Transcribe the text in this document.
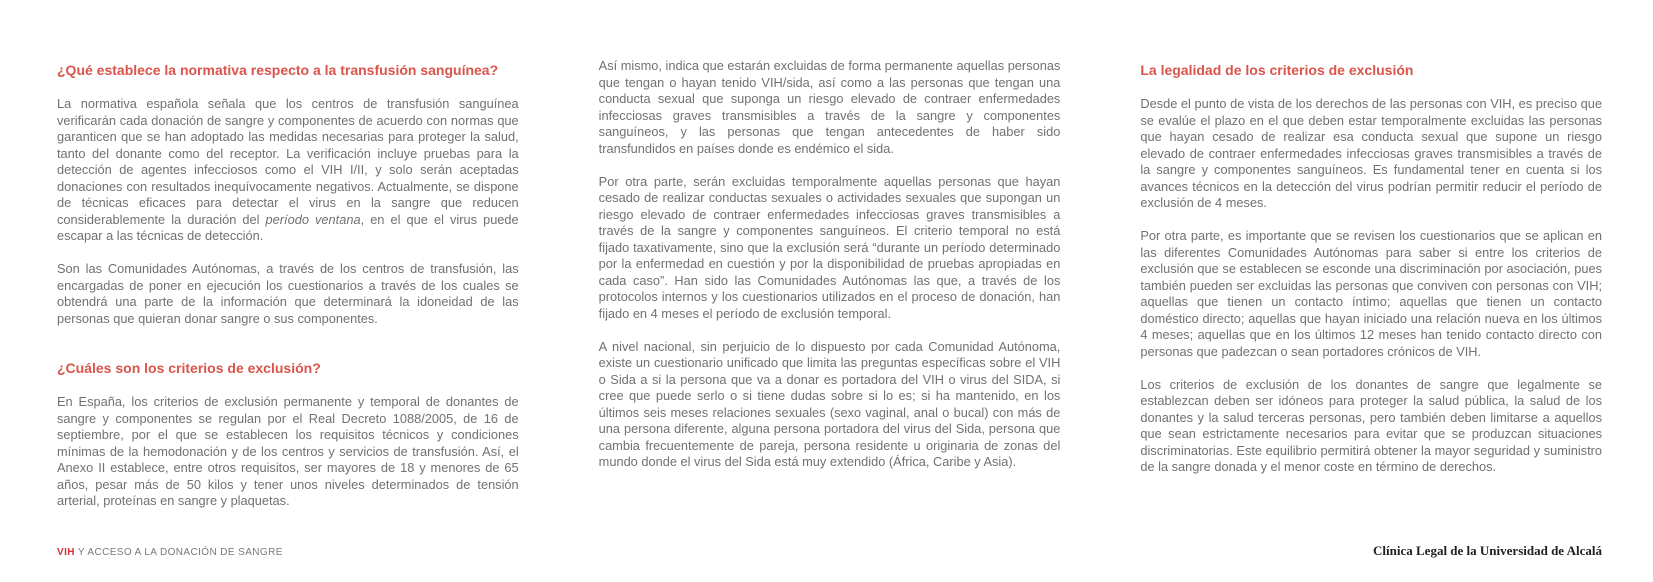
¿Qué establece la normativa respecto a la transfusión sanguínea?

La normativa española señala que los centros de transfusión sanguínea verificarán cada donación de sangre y componentes de acuerdo con normas que garanticen que se han adoptado las medidas necesarias para proteger la salud, tanto del donante como del receptor. La verificación incluye pruebas para la detección de agentes infecciosos como el VIH I/II, y solo serán aceptadas donaciones con resultados inequívocamente negativos. Actualmente, se dispone de técnicas eficaces para detectar el virus en la sangre que reducen considerablemente la duración del período ventana, en el que el virus puede escapar a las técnicas de detección.

Son las Comunidades Autónomas, a través de los centros de transfusión, las encargadas de poner en ejecución los cuestionarios a través de los cuales se obtendrá una parte de la información que determinará la idoneidad de las personas que quieran donar sangre o sus componentes.

¿Cuáles son los criterios de exclusión?

En España, los criterios de exclusión permanente y temporal de donantes de sangre y componentes se regulan por el Real Decreto 1088/2005, de 16 de septiembre, por el que se establecen los requisitos técnicos y condiciones mínimas de la hemodonación y de los centros y servicios de transfusión. Así, el Anexo II establece, entre otros requisitos, ser mayores de 18 y menores de 65 años, pesar más de 50 kilos y tener unos niveles determinados de tensión arterial, proteínas en sangre y plaquetas.

Así mismo, indica que estarán excluidas de forma permanente aquellas personas que tengan o hayan tenido VIH/sida, así como a las personas que tengan una conducta sexual que suponga un riesgo elevado de contraer enfermedades infecciosas graves transmisibles a través de la sangre y componentes sanguíneos, y las personas que tengan antecedentes de haber sido transfundidos en países donde es endémico el sida.

Por otra parte, serán excluidas temporalmente aquellas personas que hayan cesado de realizar conductas sexuales o actividades sexuales que supongan un riesgo elevado de contraer enfermedades infecciosas graves transmisibles a través de la sangre y componentes sanguíneos. El criterio temporal no está fijado taxativamente, sino que la exclusión será “durante un período determinado por la enfermedad en cuestión y por la disponibilidad de pruebas apropiadas en cada caso”. Han sido las Comunidades Autónomas las que, a través de los protocolos internos y los cuestionarios utilizados en el proceso de donación, han fijado en 4 meses el período de exclusión temporal.

A nivel nacional, sin perjuicio de lo dispuesto por cada Comunidad Autónoma, existe un cuestionario unificado que limita las preguntas específicas sobre el VIH o Sida a si la persona que va a donar es portadora del VIH o virus del SIDA, si cree que puede serlo o si tiene dudas sobre si lo es; si ha mantenido, en los últimos seis meses relaciones sexuales (sexo vaginal, anal o bucal) con más de una persona diferente, alguna persona portadora del virus del Sida, persona que cambia frecuentemente de pareja, persona residente u originaria de zonas del mundo donde el virus del Sida está muy extendido (África, Caribe y Asia).

La legalidad de los criterios de exclusión

Desde el punto de vista de los derechos de las personas con VIH, es preciso que se evalúe el plazo en el que deben estar temporalmente excluidas las personas que hayan cesado de realizar esa conducta sexual que supone un riesgo elevado de contraer enfermedades infecciosas graves transmisibles a través de la sangre y componentes sanguíneos. Es fundamental tener en cuenta si los avances técnicos en la detección del virus podrían permitir reducir el período de exclusión de 4 meses.

Por otra parte, es importante que se revisen los cuestionarios que se aplican en las diferentes Comunidades Autónomas para saber si entre los criterios de exclusión que se establecen se esconde una discriminación por asociación, pues también pueden ser excluidas las personas que conviven con personas con VIH; aquellas que tienen un contacto íntimo; aquellas que tienen un contacto doméstico directo; aquellas que hayan iniciado una relación nueva en los últimos 4 meses; aquellas que en los últimos 12 meses han tenido contacto directo con personas que padezcan o sean portadores crónicos de VIH.

Los criterios de exclusión de los donantes de sangre que legalmente se establezcan deben ser idóneos para proteger la salud pública, la salud de los donantes y la salud terceras personas, pero también deben limitarse a aquellos que sean estrictamente necesarios para evitar que se produzcan situaciones discriminatorias. Este equilibrio permitirá obtener la mayor seguridad y suministro de la sangre donada y el menor coste en término de derechos.

VIH Y ACCESO A LA DONACIÓN DE SANGRE	Clínica Legal de la Universidad de Alcalá
